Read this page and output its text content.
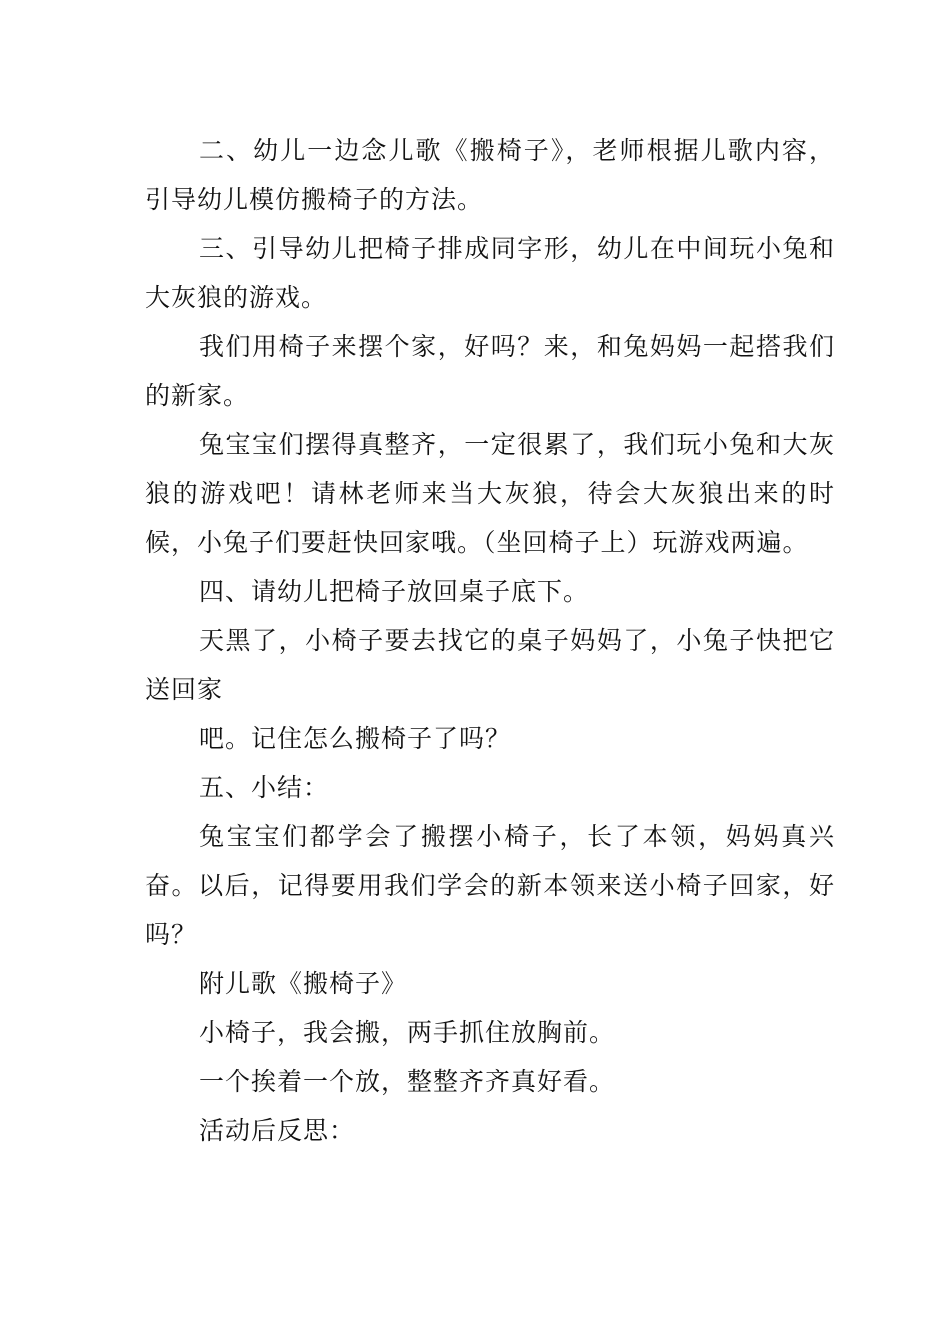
二、幼儿一边念儿歌《搬椅子》，老师根据儿歌内容，引导幼儿模仿搬椅子的方法。

三、引导幼儿把椅子排成同字形，幼儿在中间玩小兔和大灰狼的游戏。

我们用椅子来摆个家，好吗？来，和兔妈妈一起搭我们的新家。

兔宝宝们摆得真整齐，一定很累了，我们玩小兔和大灰狼的游戏吧！请林老师来当大灰狼，待会大灰狼出来的时候，小兔子们要赶快回家哦。（坐回椅子上）玩游戏两遍。

四、请幼儿把椅子放回桌子底下。

天黑了，小椅子要去找它的桌子妈妈了，小兔子快把它送回家

吧。记住怎么搬椅子了吗？

五、小结：

兔宝宝们都学会了搬摆小椅子，长了本领，妈妈真兴奋。以后，记得要用我们学会的新本领来送小椅子回家，好吗？

附儿歌《搬椅子》

小椅子，我会搬，两手抓住放胸前。

一个挨着一个放，整整齐齐真好看。

活动后反思：
